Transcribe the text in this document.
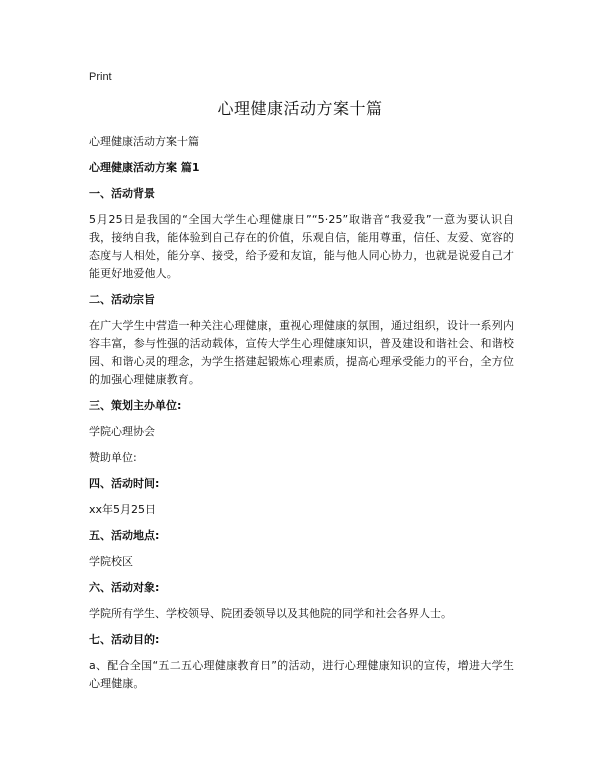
Print
心理健康活动方案十篇

心理健康活动方案十篇

心理健康活动方案 篇1

一、活动背景

5月25日是我国的“全国大学生心理健康日”“5·25”取谐音“我爱我”一意为要认识自我，接纳自我，能体验到自己存在的价值，乐观自信，能用尊重，信任、友爱、宽容的态度与人相处，能分享、接受，给予爱和友谊，能与他人同心协力，也就是说爱自己才能更好地爱他人。

二、活动宗旨

在广大学生中营造一种关注心理健康，重视心理健康的氛围，通过组织，设计一系列内容丰富，参与性强的活动载体，宣传大学生心理健康知识，普及建设和谐社会、和谐校园、和谐心灵的理念，为学生搭建起锻炼心理素质，提高心理承受能力的平台，全方位的加强心理健康教育。

三、策划主办单位:

学院心理协会

赞助单位:

四、活动时间:

xx年5月25日

五、活动地点:

学院校区

六、活动对象:

学院所有学生、学校领导、院团委领导以及其他院的同学和社会各界人士。

七、活动目的:

a、配合全国“五二五心理健康教育日”的活动，进行心理健康知识的宣传，增进大学生心理健康。
